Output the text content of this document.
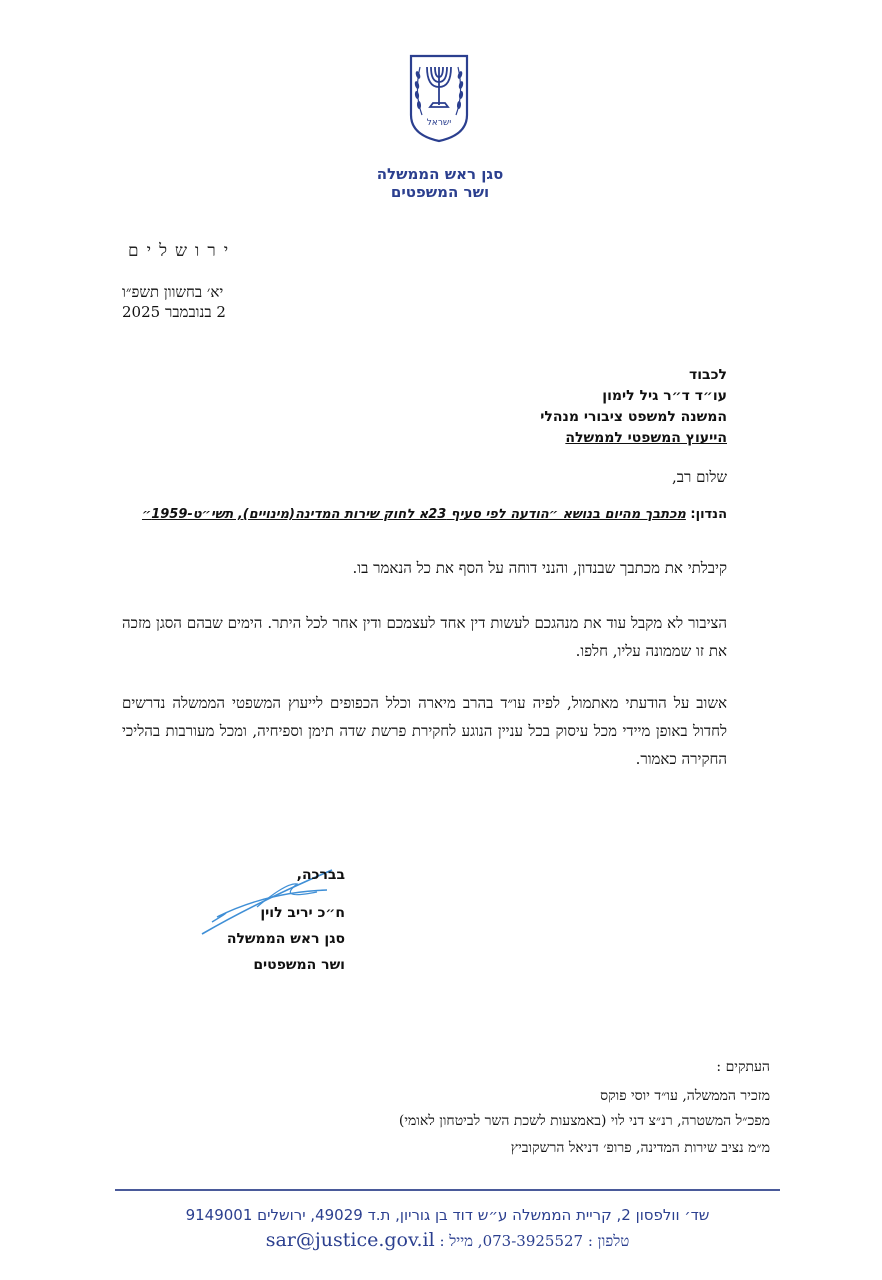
ישראל
סגן ראש הממשלה
ושר המשפטים
ירושלים
יא׳ בחשוון תשפ״ו
2 בנובמבר 2025
לכבוד
עו״ד ד״ר גיל לימון
המשנה למשפט ציבורי מנהלי
הייעוץ המשפטי לממשלה
שלום רב,
הנדון: מכתבך מהיום בנושא ״הודעה לפי סעיף 23א לחוק שירות המדינה(מינויים), תשי״ט-1959״
קיבלתי את מכתבך שבנדון, והנני דוחה על הסף את כל הנאמר בו.
הציבור לא מקבל עוד את מנהגכם לעשות דין אחד לעצמכם ודין אחר לכל היתר. הימים שבהם הסגן מזכה את זו שממונה עליו, חלפו.
אשוב על הודעתי מאתמול, לפיה עו״ד בהרב מיארה וכלל הכפופים לייעוץ המשפטי הממשלה נדרשים לחדול באופן מיידי מכל עיסוק בכל עניין הנוגע לחקירת פרשת שדה תימן וספיחיה, ומכל מעורבות בהליכי החקירה כאמור.
בברכה,
ח״כ יריב לוין
סגן ראש הממשלה
ושר המשפטים
העתקים :
מזכיר הממשלה, עו״ד יוסי פוקס
מפכ״ל המשטרה, רנ״צ דני לוי (באמצעות לשכת השר לביטחון לאומי)
מ״מ נציב שירות המדינה, פרופ׳ דניאל הרשקוביץ
שד׳ וולפסון 2, קריית הממשלה ע״ש דוד בן גוריון, ת.ד 49029, ירושלים 9149001
טלפון : 073-3925527, מייל : sar@justice.gov.il
